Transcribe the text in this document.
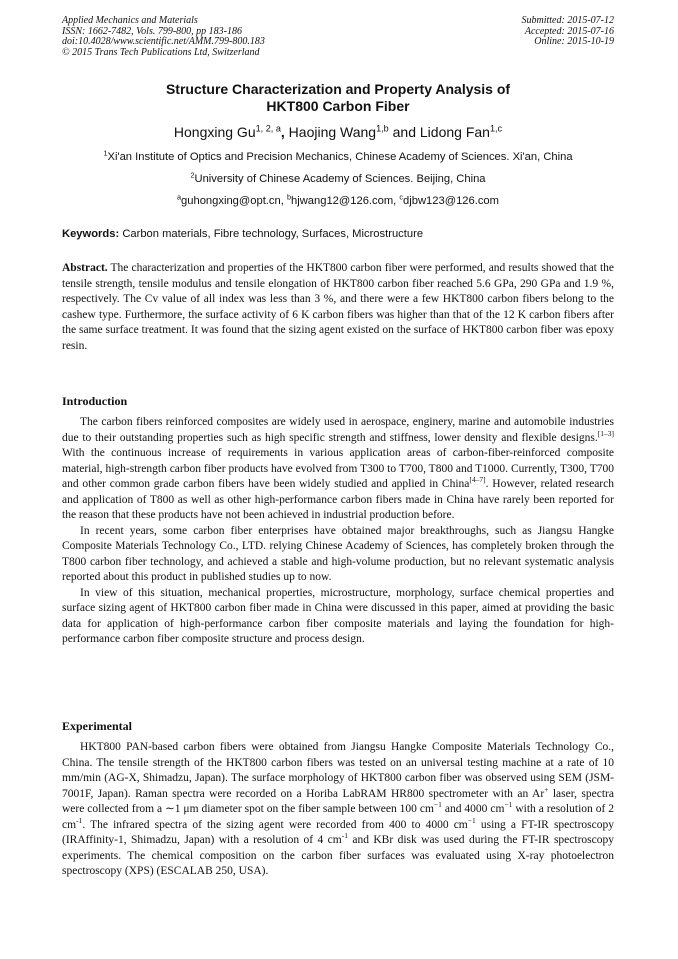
Applied Mechanics and Materials
ISSN: 1662-7482, Vols. 799-800, pp 183-186
doi:10.4028/www.scientific.net/AMM.799-800.183
© 2015 Trans Tech Publications Ltd, Switzerland
Submitted: 2015-07-12
Accepted: 2015-07-16
Online: 2015-10-19
Structure Characterization and Property Analysis of
HKT800 Carbon Fiber
Hongxing Gu$^{1, 2, a}$, Haojing Wang$^{1,b}$ and Lidong Fan$^{1,c}$
$^1$Xi'an Institute of Optics and Precision Mechanics, Chinese Academy of Sciences. Xi'an, China
$^2$University of Chinese Academy of Sciences. Beijing, China
$^a$guhongxing@opt.cn, $^b$hjwang12@126.com, $^c$djbw123@126.com
Keywords: Carbon materials, Fibre technology, Surfaces, Microstructure

Abstract. The characterization and properties of the HKT800 carbon fiber were performed, and results showed that the tensile strength, tensile modulus and tensile elongation of HKT800 carbon fiber reached 5.6 GPa, 290 GPa and 1.9 %, respectively. The Cv value of all index was less than 3 %, and there were a few HKT800 carbon fibers belong to the cashew type. Furthermore, the surface activity of 6 K carbon fibers was higher than that of the 12 K carbon fibers after the same surface treatment. It was found that the sizing agent existed on the surface of HKT800 carbon fiber was epoxy resin.

Introduction

The carbon fibers reinforced composites are widely used in aerospace, enginery, marine and automobile industries due to their outstanding properties such as high specific strength and stiffness, lower density and flexible designs.[1–3] With the continuous increase of requirements in various application areas of carbon-fiber-reinforced composite material, high-strength carbon fiber products have evolved from T300 to T700, T800 and T1000. Currently, T300, T700 and other common grade carbon fibers have been widely studied and applied in China[4–7]. However, related research and application of T800 as well as other high-performance carbon fibers made in China have rarely been reported for the reason that these products have not been achieved in industrial production before.

In recent years, some carbon fiber enterprises have obtained major breakthroughs, such as Jiangsu Hangke Composite Materials Technology Co., LTD. relying Chinese Academy of Sciences, has completely broken through the T800 carbon fiber technology, and achieved a stable and high-volume production, but no relevant systematic analysis reported about this product in published studies up to now.

In view of this situation, mechanical properties, microstructure, morphology, surface chemical properties and surface sizing agent of HKT800 carbon fiber made in China were discussed in this paper, aimed at providing the basic data for application of high-performance carbon fiber composite materials and laying the foundation for high-performance carbon fiber composite structure and process design.

Experimental

HKT800 PAN-based carbon fibers were obtained from Jiangsu Hangke Composite Materials Technology Co., China. The tensile strength of the HKT800 carbon fibers was tested on an universal testing machine at a rate of 10 mm/min (AG-X, Shimadzu, Japan). The surface morphology of HKT800 carbon fiber was observed using SEM (JSM-7001F, Japan). Raman spectra were recorded on a Horiba LabRAM HR800 spectrometer with an Ar+ laser, spectra were collected from a ∼1 μm diameter spot on the fiber sample between 100 cm$^{-1}$ and 4000 cm$^{-1}$ with a resolution of 2 cm$^{-1}$. The infrared spectra of the sizing agent were recorded from 400 to 4000 cm$^{-1}$ using a FT-IR spectroscopy (IRAffinity-1, Shimadzu, Japan) with a resolution of 4 cm$^{-1}$ and KBr disk was used during the FT-IR spectroscopy experiments. The chemical composition on the carbon fiber surfaces was evaluated using X-ray photoelectron spectroscopy (XPS) (ESCALAB 250, USA).
